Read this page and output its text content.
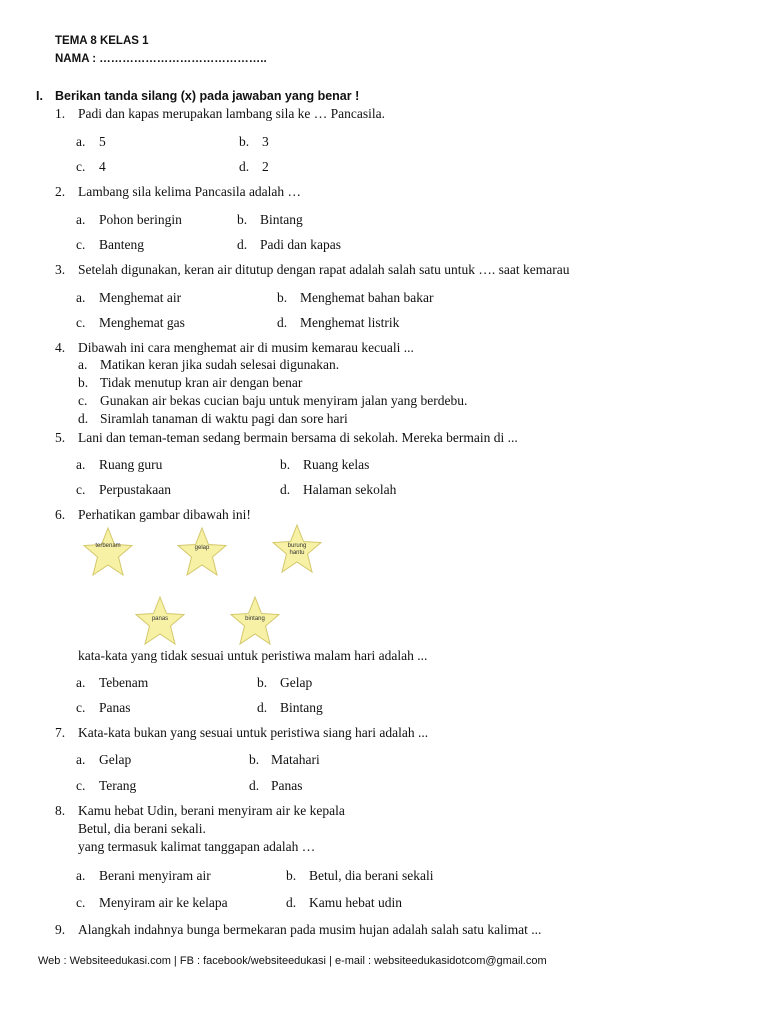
TEMA 8 KELAS 1
NAMA : ……………………………………..
I. Berikan tanda silang (x) pada jawaban yang benar !
1. Padi dan kapas merupakan lambang sila ke … Pancasila.
a. 5	b. 3
c. 4	d. 2
2. Lambang sila kelima Pancasila adalah …
a. Pohon beringin	b. Bintang
c. Banteng	d. Padi dan kapas
3. Setelah digunakan, keran air ditutup dengan rapat adalah salah satu untuk …. saat kemarau
a. Menghemat air	b. Menghemat bahan bakar
c. Menghemat gas	d. Menghemat listrik
4. Dibawah ini cara menghemat air di musim kemarau kecuali ...
a. Matikan keran jika sudah selesai digunakan.
b. Tidak menutup kran air dengan benar
c. Gunakan air bekas cucian baju untuk menyiram jalan yang berdebu.
d. Siramlah tanaman di waktu pagi dan sore hari
5. Lani dan teman-teman sedang bermain bersama di sekolah. Mereka bermain di ...
a. Ruang guru	b. Ruang kelas
c. Perpustakaan	d. Halaman sekolah
6. Perhatikan gambar dibawah ini!
terbenam	gelap	burung hantu
panas	bintang
kata-kata yang tidak sesuai untuk peristiwa malam hari adalah ...
a. Tebenam	b. Gelap
c. Panas	d. Bintang
7. Kata-kata bukan yang sesuai untuk peristiwa siang hari adalah ...
a. Gelap	b. Matahari
c. Terang	d. Panas
8. Kamu hebat Udin, berani menyiram air ke kepala
Betul, dia berani sekali.
yang termasuk kalimat tanggapan adalah …
a. Berani menyiram air	b. Betul, dia berani sekali
c. Menyiram air ke kelapa	d. Kamu hebat udin
9. Alangkah indahnya bunga bermekaran pada musim hujan adalah salah satu kalimat ...
Web : Websiteedukasi.com | FB : facebook/websiteedukasi | e-mail : websiteedukasidotcom@gmail.com
